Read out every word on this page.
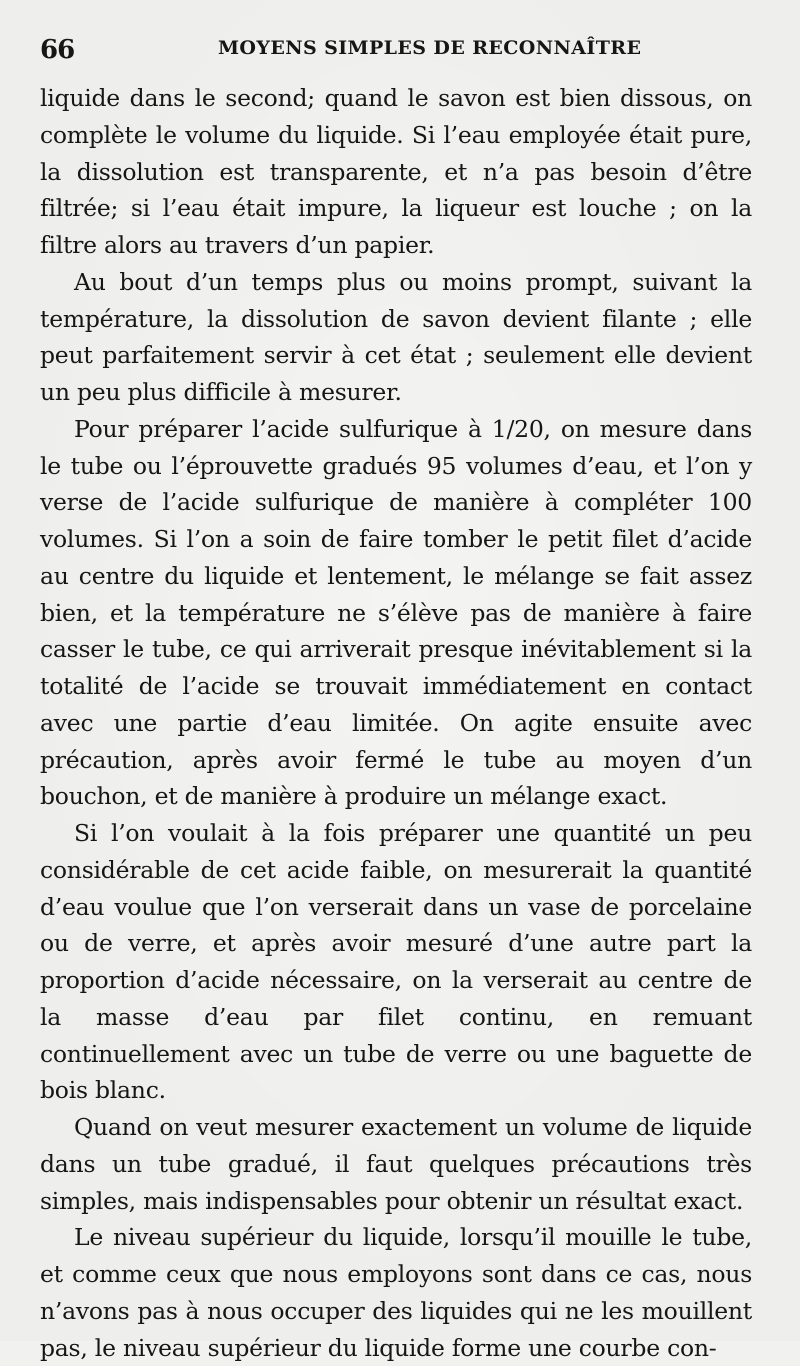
66	MOYENS SIMPLES DE RECONNAÎTRE

liquide dans le second; quand le savon est bien dissous, on complète le volume du liquide. Si l’eau employée était pure, la dissolution est transparente, et n’a pas besoin d’être filtrée; si l’eau était impure, la liqueur est louche ; on la filtre alors au travers d’un papier.

Au bout d’un temps plus ou moins prompt, suivant la température, la dissolution de savon devient filante ; elle peut parfaitement servir à cet état ; seulement elle devient un peu plus difficile à mesurer.

Pour préparer l’acide sulfurique à 1/20, on mesure dans le tube ou l’éprouvette gradués 95 volumes d’eau, et l’on y verse de l’acide sulfurique de manière à compléter 100 volumes. Si l’on a soin de faire tomber le petit filet d’acide au centre du liquide et lentement, le mélange se fait assez bien, et la température ne s’élève pas de manière à faire casser le tube, ce qui arriverait presque inévitablement si la totalité de l’acide se trouvait immédiatement en contact avec une partie d’eau limitée. On agite ensuite avec précaution, après avoir fermé le tube au moyen d’un bouchon, et de manière à produire un mélange exact.

Si l’on voulait à la fois préparer une quantité un peu considérable de cet acide faible, on mesurerait la quantité d’eau voulue que l’on verserait dans un vase de porcelaine ou de verre, et après avoir mesuré d’une autre part la proportion d’acide nécessaire, on la verserait au centre de la masse d’eau par filet continu, en remuant continuellement avec un tube de verre ou une baguette de bois blanc.

Quand on veut mesurer exactement un volume de liquide dans un tube gradué, il faut quelques précautions très simples, mais indispensables pour obtenir un résultat exact.

Le niveau supérieur du liquide, lorsqu’il mouille le tube, et comme ceux que nous employons sont dans ce cas, nous n’avons pas à nous occuper des liquides qui ne les mouillent pas, le niveau supérieur du liquide forme une courbe con-
